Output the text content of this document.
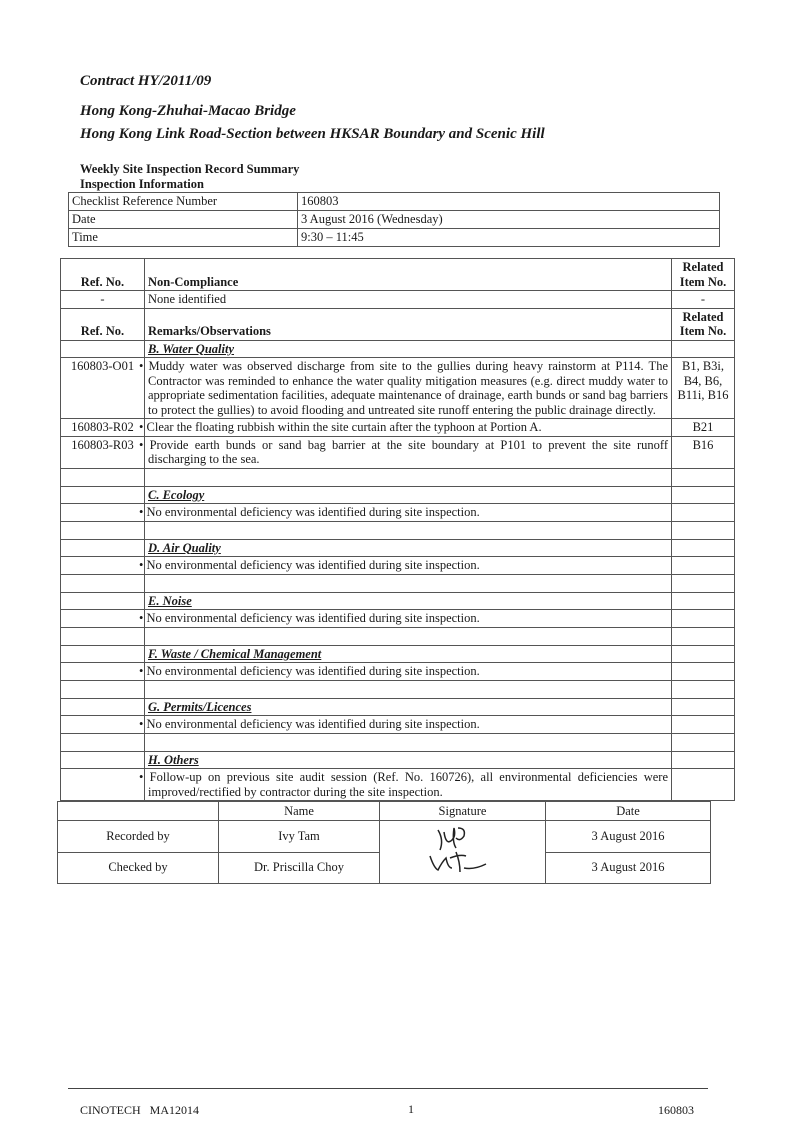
Contract HY/2011/09
Hong Kong-Zhuhai-Macao Bridge
Hong Kong Link Road-Section between HKSAR Boundary and Scenic Hill
Weekly Site Inspection Record Summary
Inspection Information
Checklist Reference Number	160803
Date	3 August 2016 (Wednesday)
Time	9:30 – 11:45
Ref. No.	Non-Compliance	Related Item No.
-	None identified	-
Ref. No.	Remarks/Observations	Related Item No.
	B. Water Quality	
160803-O01	• Muddy water was observed discharge from site to the gullies during heavy rainstorm at P114. The Contractor was reminded to enhance the water quality mitigation measures (e.g. direct muddy water to appropriate sedimentation facilities, adequate maintenance of drainage, earth bunds or sand bag barriers to protect the gullies) to avoid flooding and untreated site runoff entering the public drainage directly.	B1, B3i, B4, B6, B11i, B16
160803-R02	• Clear the floating rubbish within the site curtain after the typhoon at Portion A.	B21
160803-R03	• Provide earth bunds or sand bag barrier at the site boundary at P101 to prevent the site runoff discharging to the sea.	B16

	C. Ecology	
	• No environmental deficiency was identified during site inspection.	

	D. Air Quality	
	• No environmental deficiency was identified during site inspection.	

	E. Noise	
	• No environmental deficiency was identified during site inspection.	

	F. Waste / Chemical Management	
	• No environmental deficiency was identified during site inspection.	

	G. Permits/Licences	
	• No environmental deficiency was identified during site inspection.	

	H. Others	
	• Follow-up on previous site audit session (Ref. No. 160726), all environmental deficiencies were improved/rectified by contractor during the site inspection.	
	Name	Signature	Date
Recorded by	Ivy Tam		3 August 2016
Checked by	Dr. Priscilla Choy		3 August 2016
CINOTECH   MA12014	1	160803
